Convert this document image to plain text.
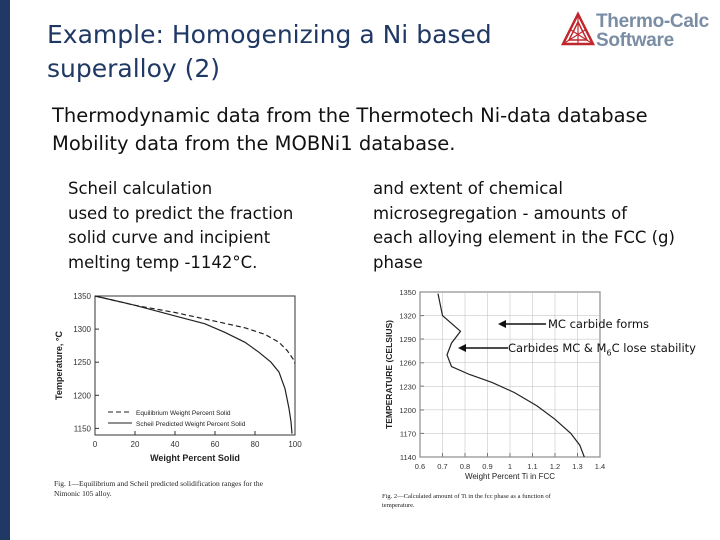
Example: Homogenizing a Ni based
superalloy (2)
Thermo-Calc
Software
Thermodynamic data from the Thermotech Ni-data database
Mobility data from the MOBNi1 database.
Scheil calculation
used to predict the fraction
solid curve and incipient
melting temp -1142°C.
and extent of chemical
microsegregation - amounts of
each alloying element in the FCC (g)
phase
0	20	40	60	80	100
1150
1200
1250
1300
1350
Temperature, °C
Weight Percent Solid
Equilibrium Weight Percent Solid
Scheil Predicted Weight Percent Solid
Fig. 1—Equilibrium and Scheil predicted solidification ranges for the
Nimonic 105 alloy.
0.6 0.7 0.8 0.9 1 1.1 1.2 1.3 1.4
1140
1170
1200
1230
1260
1290
1320
1350
TEMPERATURE (CELSIUS)
Weight Percent Ti in FCC
Fig. 2—Calculated amount of Ti in the fcc phase as a function of
temperature.
MC carbide forms
Carbides MC & $M_6C$ lose stability
